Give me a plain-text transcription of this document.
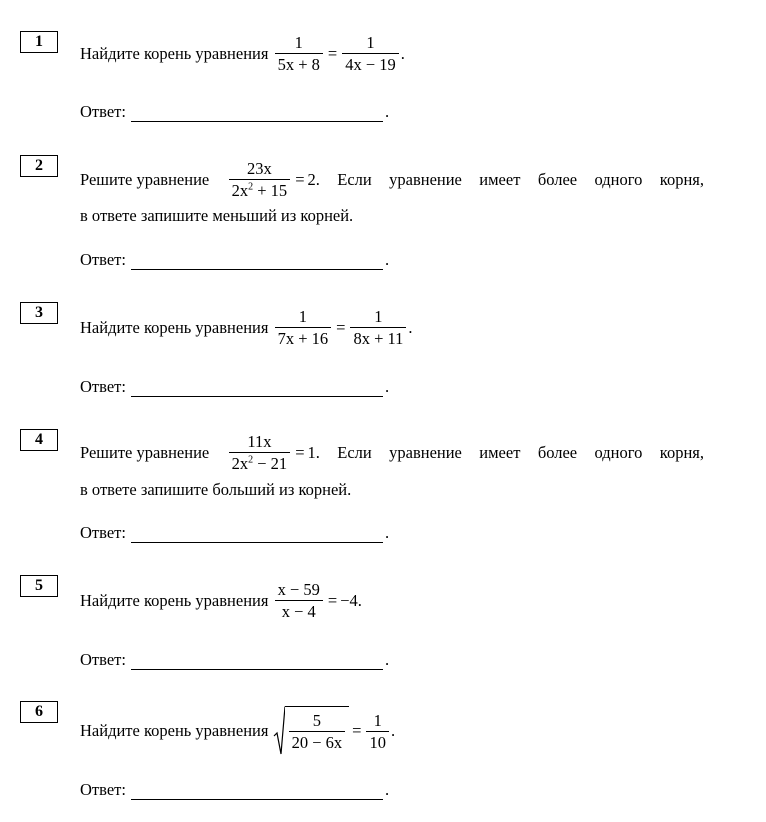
1
Найдите корень уравнения
$\frac{1}{5x + 8} = \frac{1}{4x - 19}$ .
Ответ:	.
2
Решите уравнение $\frac{23x}{2x^2 + 15} = 2$ . Если уравнение имеет более одного корня,
в ответе запишите меньший из корней.
Ответ:	.
3
Найдите корень уравнения
$\frac{1}{7x + 16} = \frac{1}{8x + 11}$ .
Ответ:	.
4
Решите уравнение $\frac{11x}{2x^2 - 21} = 1$ . Если уравнение имеет более одного корня,
в ответе запишите больший из корней.
Ответ:	.
5
Найдите корень уравнения
$\frac{x - 59}{x - 4} = -4$ .
Ответ:	.
6
Найдите корень уравнения
$\frac{5}{20 - 6x} = \frac{1}{10}$ .
Ответ:	.
